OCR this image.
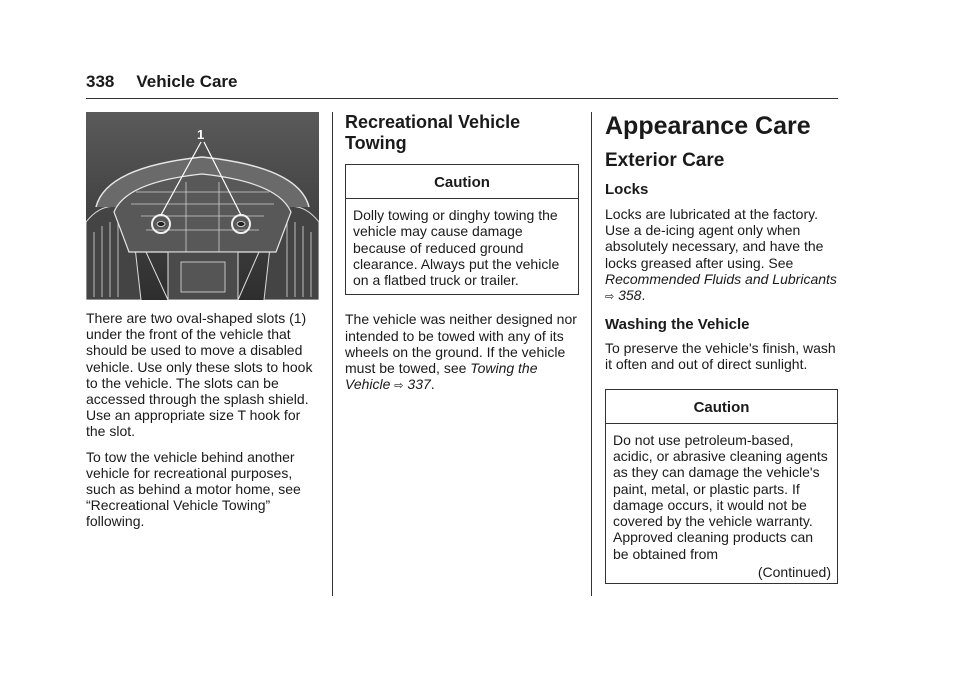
338 Vehicle Care
1

There are two oval-shaped slots (1) under the front of the vehicle that should be used to move a disabled vehicle. Use only these slots to hook to the vehicle. The slots can be accessed through the splash shield. Use an appropriate size T hook for the slot.

To tow the vehicle behind another vehicle for recreational purposes, such as behind a motor home, see “Recreational Vehicle Towing” following.

Recreational Vehicle Towing
Caution
Dolly towing or dinghy towing the vehicle may cause damage because of reduced ground clearance. Always put the vehicle on a flatbed truck or trailer.

The vehicle was neither designed nor intended to be towed with any of its wheels on the ground. If the vehicle must be towed, see Towing the Vehicle ⇨ 337.

Appearance Care
Exterior Care
Locks

Locks are lubricated at the factory. Use a de-icing agent only when absolutely necessary, and have the locks greased after using. See Recommended Fluids and Lubricants ⇨ 358.

Washing the Vehicle

To preserve the vehicle's finish, wash it often and out of direct sunlight.

Caution
Do not use petroleum-based, acidic, or abrasive cleaning agents as they can damage the vehicle's paint, metal, or plastic parts. If damage occurs, it would not be covered by the vehicle warranty. Approved cleaning products can be obtained from
(Continued)
